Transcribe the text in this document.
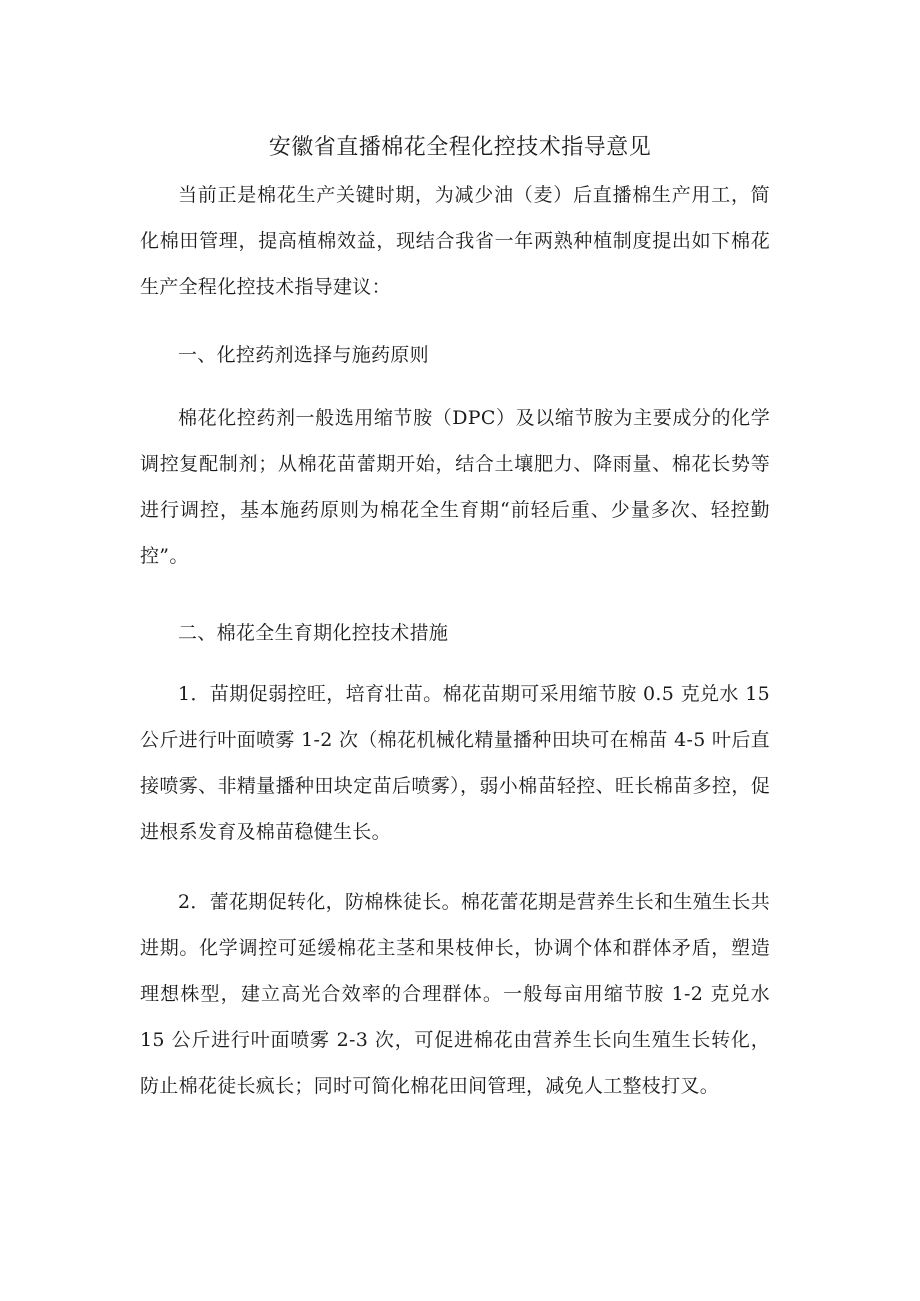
安徽省直播棉花全程化控技术指导意见

当前正是棉花生产关键时期，为减少油（麦）后直播棉生产用工，简化棉田管理，提高植棉效益，现结合我省一年两熟种植制度提出如下棉花生产全程化控技术指导建议：

一、化控药剂选择与施药原则

棉花化控药剂一般选用缩节胺（DPC）及以缩节胺为主要成分的化学调控复配制剂；从棉花苗蕾期开始，结合土壤肥力、降雨量、棉花长势等进行调控，基本施药原则为棉花全生育期“前轻后重、少量多次、轻控勤控”。

二、棉花全生育期化控技术措施

1．苗期促弱控旺，培育壮苗。棉花苗期可采用缩节胺 0.5 克兑水 15 公斤进行叶面喷雾 1-2 次（棉花机械化精量播种田块可在棉苗 4-5 叶后直接喷雾、非精量播种田块定苗后喷雾），弱小棉苗轻控、旺长棉苗多控，促进根系发育及棉苗稳健生长。

2．蕾花期促转化，防棉株徒长。棉花蕾花期是营养生长和生殖生长共进期。化学调控可延缓棉花主茎和果枝伸长，协调个体和群体矛盾，塑造理想株型，建立高光合效率的合理群体。一般每亩用缩节胺 1-2 克兑水 15 公斤进行叶面喷雾 2-3 次，可促进棉花由营养生长向生殖生长转化，防止棉花徒长疯长；同时可简化棉花田间管理，减免人工整枝打叉。
